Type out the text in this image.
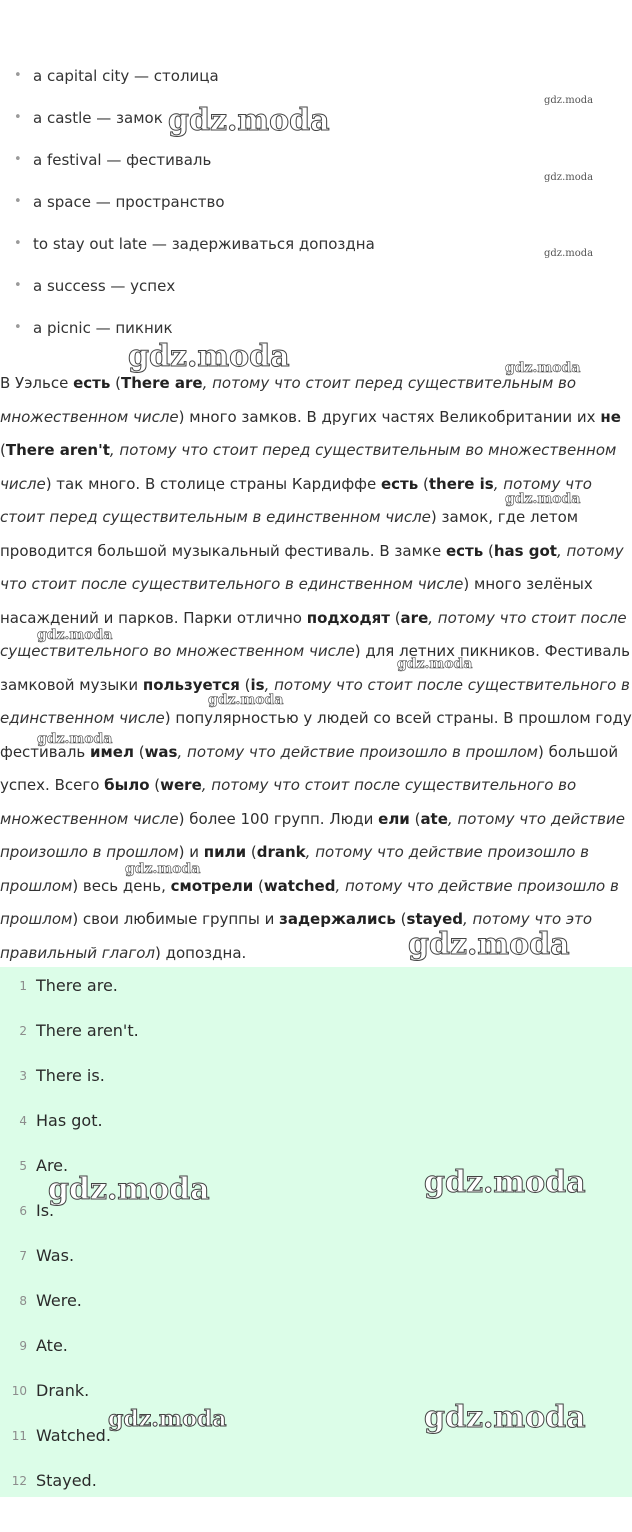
• a capital city — столица
• a castle — замок
• a festival — фестиваль
• a space — пространство
• to stay out late — задерживаться допоздна
• a success — успех
• a picnic — пикник

В Уэльсе есть (There are, потому что стоит перед существительным во множественном числе) много замков. В других частях Великобритании их не (There aren't, потому что стоит перед существительным во множественном числе) так много. В столице страны Кардиффе есть (there is, потому что стоит перед существительным в единственном числе) замок, где летом проводится большой музыкальный фестиваль. В замке есть (has got, потому что стоит после существительного в единственном числе) много зелёных насаждений и парков. Парки отлично подходят (are, потому что стоит после существительного во множественном числе) для летних пикников. Фестиваль замковой музыки пользуется (is, потому что стоит после существительного в единственном числе) популярностью у людей со всей страны. В прошлом году фестиваль имел (was, потому что действие произошло в прошлом) большой успех. Всего было (were, потому что стоит после существительного во множественном числе) более 100 групп. Люди ели (ate, потому что действие произошло в прошлом) и пили (drank, потому что действие произошло в прошлом) весь день, смотрели (watched, потому что действие произошло в прошлом) свои любимые группы и задержались (stayed, потому что это правильный глагол) допоздна.

1 There are.
2 There aren't.
3 There is.
4 Has got.
5 Are.
6 Is.
7 Was.
8 Were.
9 Ate.
10 Drank.
11 Watched.
12 Stayed.
gdz.moda
gdz.moda
gdz.moda
gdz.moda
gdz.moda	gdz.moda
gdz.moda
gdz.moda
gdz.moda
gdz.moda
gdz.moda
gdz.moda
gdz.moda
gdz.moda
gdz.moda
gdz.moda	gdz.moda
